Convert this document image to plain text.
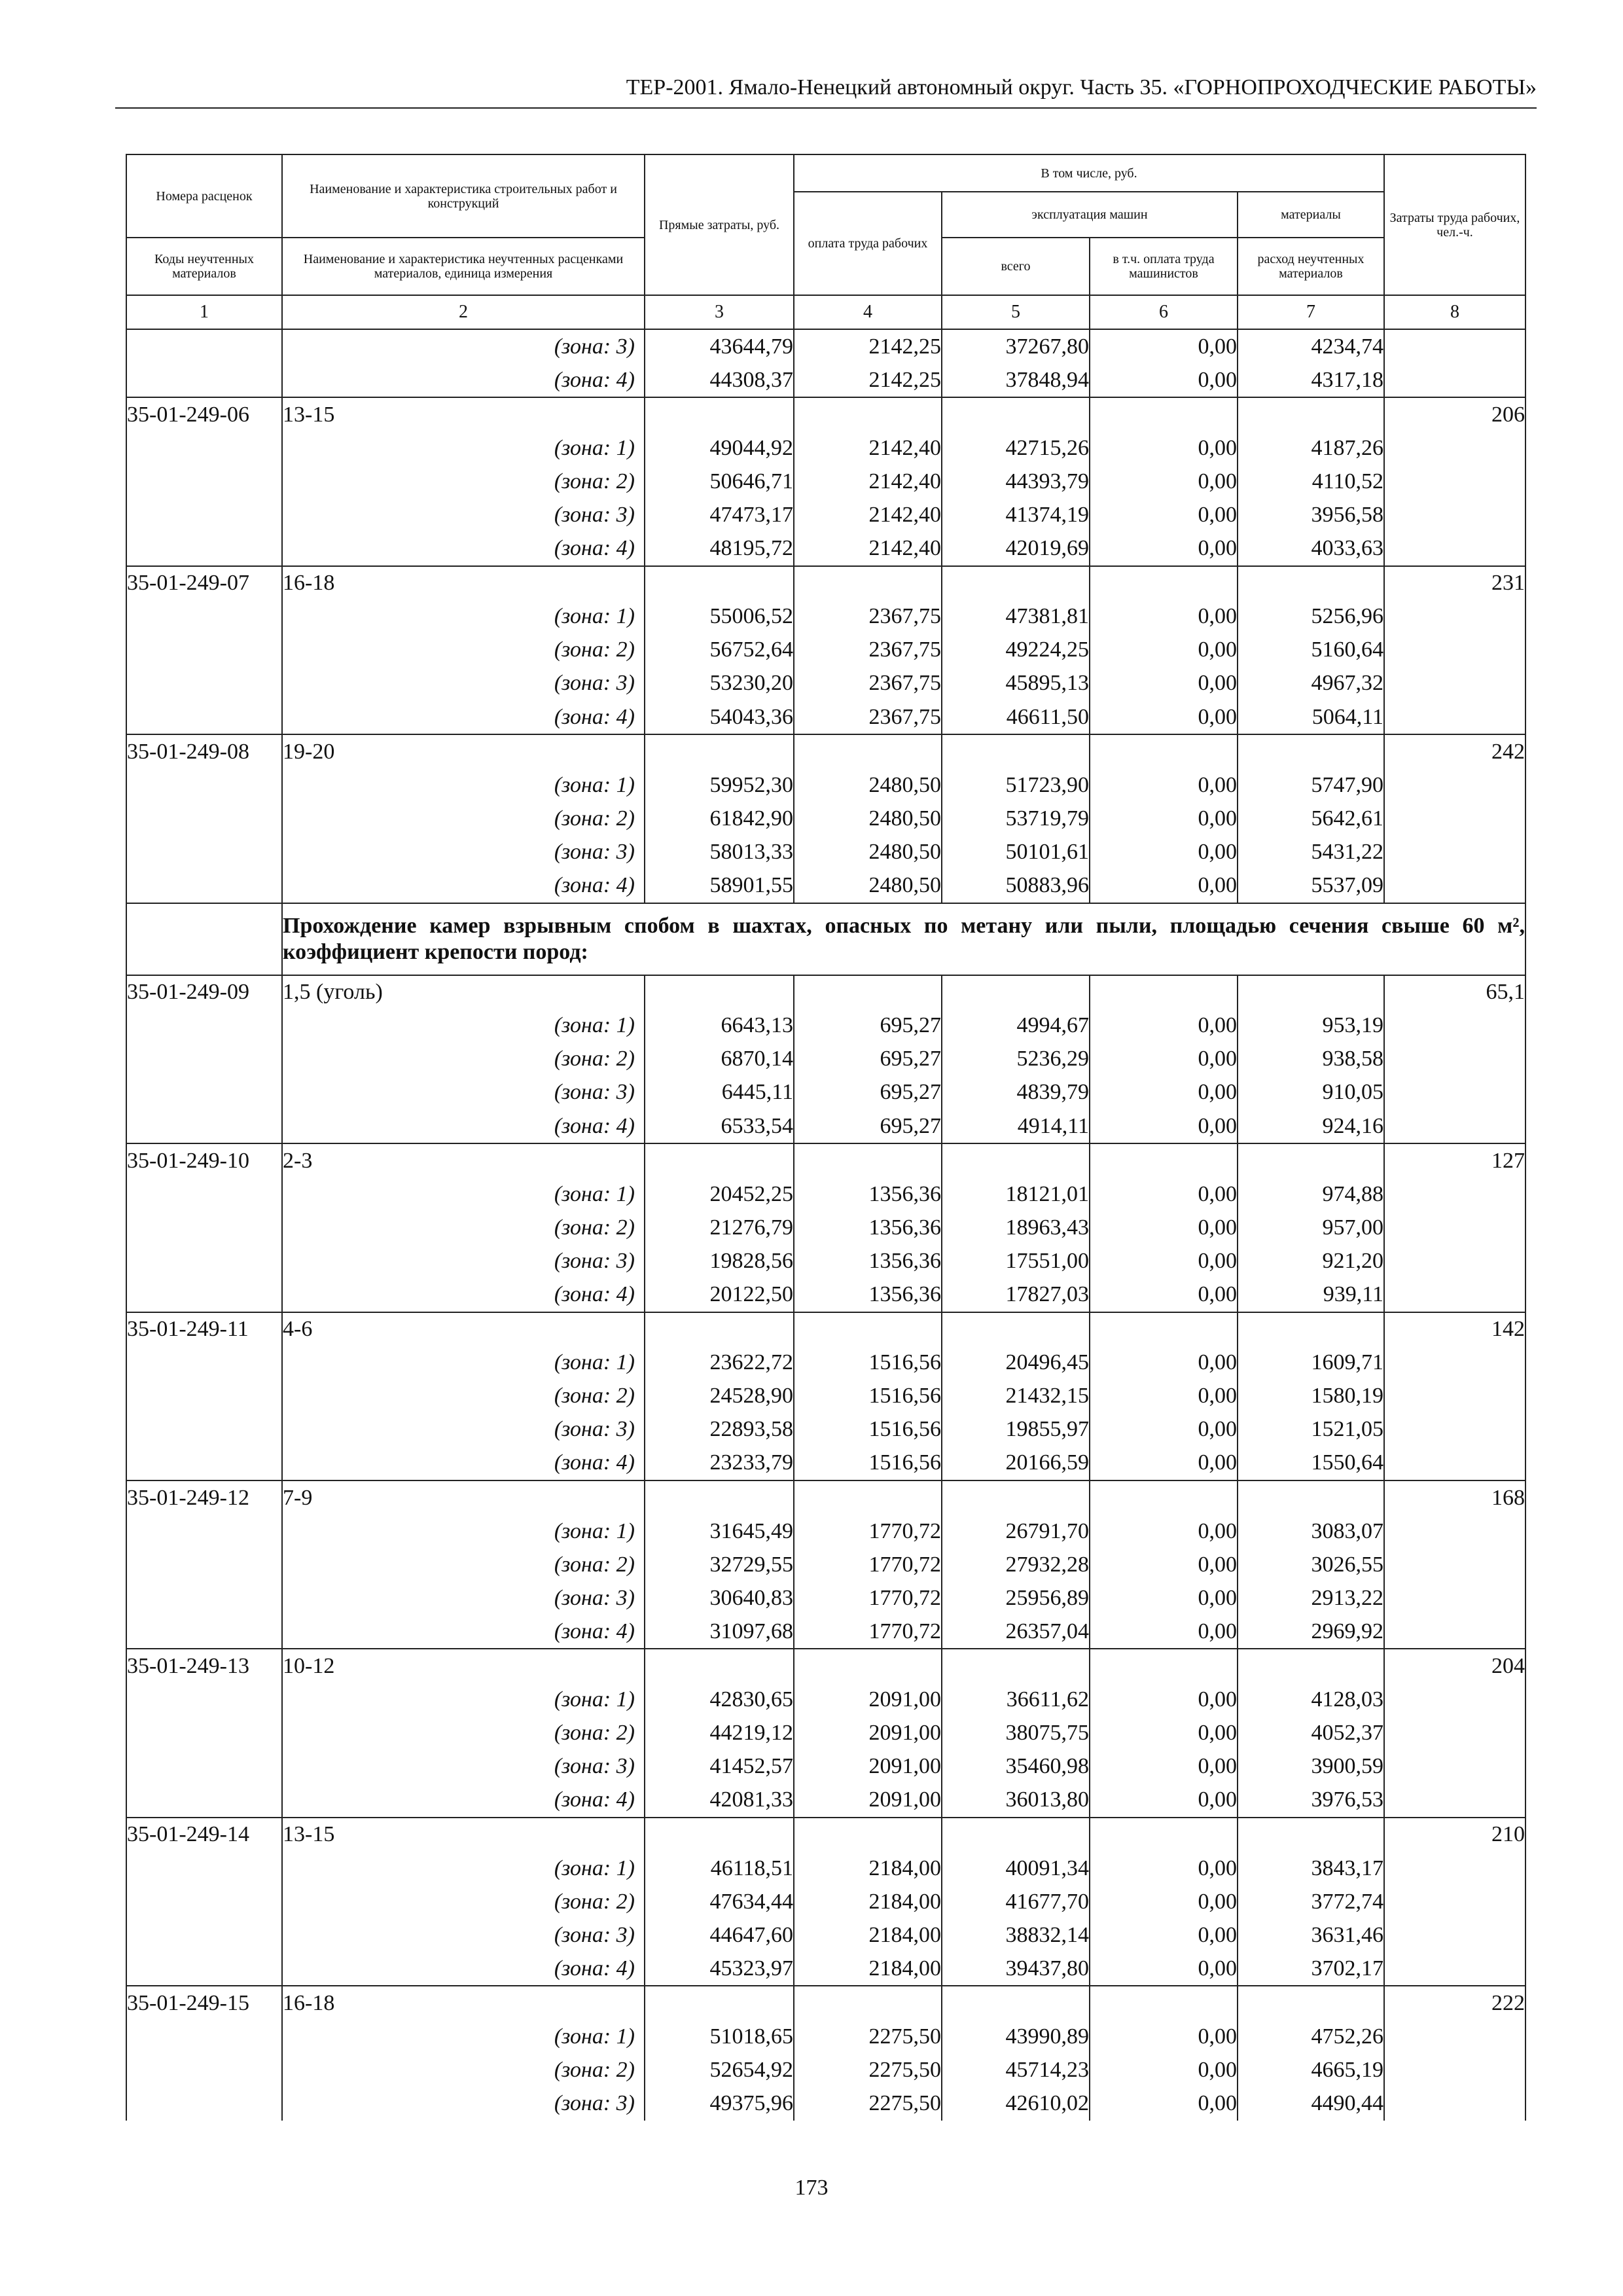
ТЕР-2001. Ямало-Ненецкий автономный округ. Часть 35. «ГОРНОПРОХОДЧЕСКИЕ РАБОТЫ»
Номера расценок	Наименование и характеристика строительных работ и конструкций	Прямые затраты, руб.	В том числе, руб.				Затраты труда рабочих, чел.-ч.
			оплата труда рабочих	эксплуатация машин		материалы	
Коды неучтенных материалов	Наименование и характеристика неучтенных расценками материалов, единица измерения			всего	в т.ч. оплата труда машинистов	расход неучтенных материалов	
1	2	3	4	5	6	7	8
	(зона: 3)	43644,79	2142,25	37267,80	0,00	4234,74	
	(зона: 4)	44308,37	2142,25	37848,94	0,00	4317,18	
35-01-249-06	13-15						206
	(зона: 1)	49044,92	2142,40	42715,26	0,00	4187,26	
	(зона: 2)	50646,71	2142,40	44393,79	0,00	4110,52	
	(зона: 3)	47473,17	2142,40	41374,19	0,00	3956,58	
	(зона: 4)	48195,72	2142,40	42019,69	0,00	4033,63	
35-01-249-07	16-18						231
	(зона: 1)	55006,52	2367,75	47381,81	0,00	5256,96	
	(зона: 2)	56752,64	2367,75	49224,25	0,00	5160,64	
	(зона: 3)	53230,20	2367,75	45895,13	0,00	4967,32	
	(зона: 4)	54043,36	2367,75	46611,50	0,00	5064,11	
35-01-249-08	19-20						242
	(зона: 1)	59952,30	2480,50	51723,90	0,00	5747,90	
	(зона: 2)	61842,90	2480,50	53719,79	0,00	5642,61	
	(зона: 3)	58013,33	2480,50	50101,61	0,00	5431,22	
	(зона: 4)	58901,55	2480,50	50883,96	0,00	5537,09	
	Прохождение камер взрывным спобом в шахтах, опасных по метану или пыли, площадью сечения свыше 60 м², коэффициент крепости пород:						
35-01-249-09	1,5 (уголь)						65,1
	(зона: 1)	6643,13	695,27	4994,67	0,00	953,19	
	(зона: 2)	6870,14	695,27	5236,29	0,00	938,58	
	(зона: 3)	6445,11	695,27	4839,79	0,00	910,05	
	(зона: 4)	6533,54	695,27	4914,11	0,00	924,16	
35-01-249-10	2-3						127
	(зона: 1)	20452,25	1356,36	18121,01	0,00	974,88	
	(зона: 2)	21276,79	1356,36	18963,43	0,00	957,00	
	(зона: 3)	19828,56	1356,36	17551,00	0,00	921,20	
	(зона: 4)	20122,50	1356,36	17827,03	0,00	939,11	
35-01-249-11	4-6						142
	(зона: 1)	23622,72	1516,56	20496,45	0,00	1609,71	
	(зона: 2)	24528,90	1516,56	21432,15	0,00	1580,19	
	(зона: 3)	22893,58	1516,56	19855,97	0,00	1521,05	
	(зона: 4)	23233,79	1516,56	20166,59	0,00	1550,64	
35-01-249-12	7-9						168
	(зона: 1)	31645,49	1770,72	26791,70	0,00	3083,07	
	(зона: 2)	32729,55	1770,72	27932,28	0,00	3026,55	
	(зона: 3)	30640,83	1770,72	25956,89	0,00	2913,22	
	(зона: 4)	31097,68	1770,72	26357,04	0,00	2969,92	
35-01-249-13	10-12						204
	(зона: 1)	42830,65	2091,00	36611,62	0,00	4128,03	
	(зона: 2)	44219,12	2091,00	38075,75	0,00	4052,37	
	(зона: 3)	41452,57	2091,00	35460,98	0,00	3900,59	
	(зона: 4)	42081,33	2091,00	36013,80	0,00	3976,53	
35-01-249-14	13-15						210
	(зона: 1)	46118,51	2184,00	40091,34	0,00	3843,17	
	(зона: 2)	47634,44	2184,00	41677,70	0,00	3772,74	
	(зона: 3)	44647,60	2184,00	38832,14	0,00	3631,46	
	(зона: 4)	45323,97	2184,00	39437,80	0,00	3702,17	
35-01-249-15	16-18						222
	(зона: 1)	51018,65	2275,50	43990,89	0,00	4752,26	
	(зона: 2)	52654,92	2275,50	45714,23	0,00	4665,19	
	(зона: 3)	49375,96	2275,50	42610,02	0,00	4490,44	
173
